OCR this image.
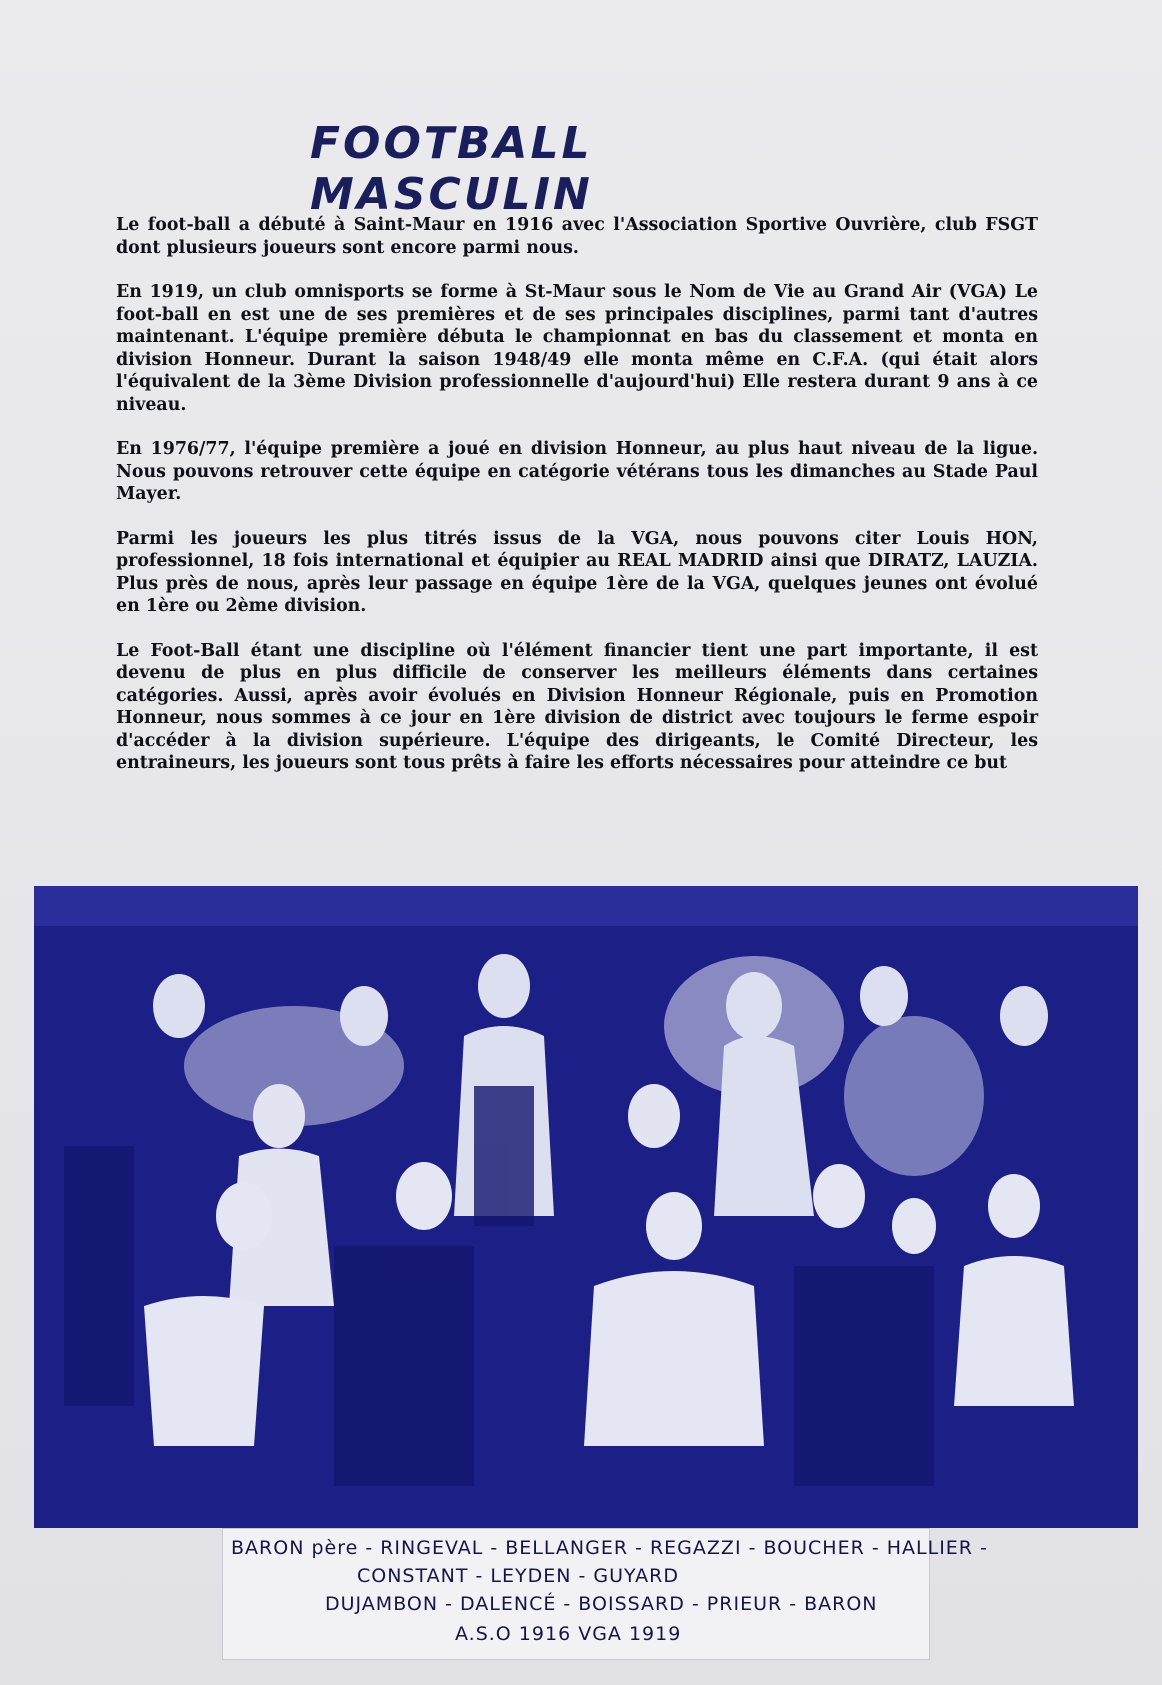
FOOTBALL MASCULIN

Le foot-ball a débuté à Saint-Maur en 1916 avec l'Association Sportive Ouvrière, club FSGT dont plusieurs joueurs sont encore parmi nous.

En 1919, un club omnisports se forme à St-Maur sous le Nom de Vie au Grand Air (VGA) Le foot-ball en est une de ses premières et de ses principales disciplines, parmi tant d'autres maintenant. L'équipe première débuta le championnat en bas du classement et monta en division Honneur. Durant la saison 1948/49 elle monta même en C.F.A. (qui était alors l'équivalent de la 3ème Division professionnelle d'aujourd'hui) Elle restera durant 9 ans à ce niveau.

En 1976/77, l'équipe première a joué en division Honneur, au plus haut niveau de la ligue. Nous pouvons retrouver cette équipe en catégorie vétérans tous les dimanches au Stade Paul Mayer.

Parmi les joueurs les plus titrés issus de la VGA, nous pouvons citer Louis HON, professionnel, 18 fois international et équipier au REAL MADRID ainsi que DIRATZ, LAUZIA. Plus près de nous, après leur passage en équipe 1ère de la VGA, quelques jeunes ont évolué en 1ère ou 2ème division.

Le Foot-Ball étant une discipline où l'élément financier tient une part importante, il est devenu de plus en plus difficile de conserver les meilleurs éléments dans certaines catégories. Aussi, après avoir évolués en Division Honneur Régionale, puis en Promotion Honneur, nous sommes à ce jour en 1ère division de district avec toujours le ferme espoir d'accéder à la division supérieure. L'équipe des dirigeants, le Comité Directeur, les entraineurs, les joueurs sont tous prêts à faire les efforts nécessaires pour atteindre ce but

BARON père - RINGEVAL - BELLANGER - REGAZZI - BOUCHER - HALLIER -
CONSTANT - LEYDEN - GUYARD
DUJAMBON - DALENCÉ - BOISSARD - PRIEUR - BARON
A.S.O 1916 VGA 1919
